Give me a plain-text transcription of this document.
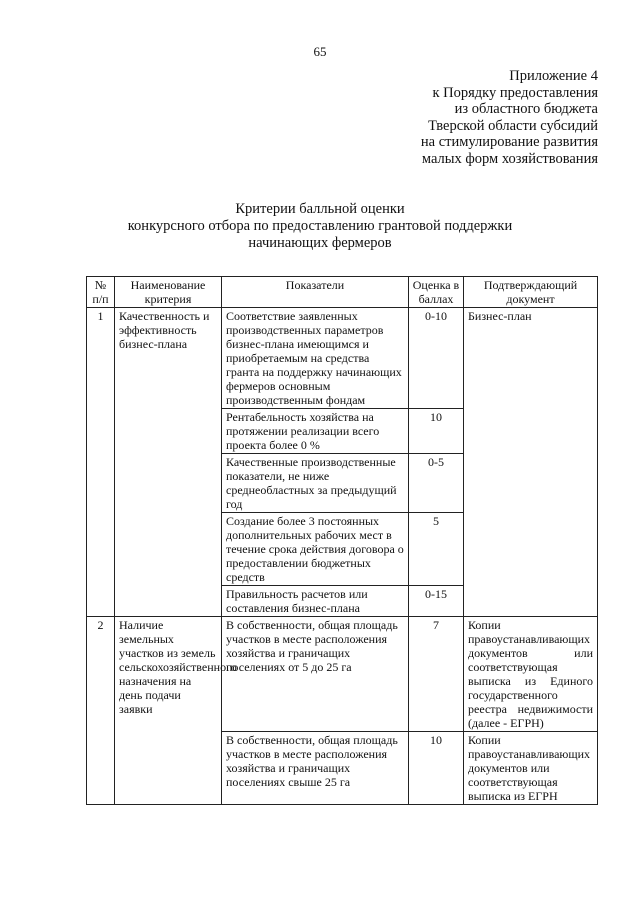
65
Приложение 4
к Порядку предоставления
из областного бюджета
Тверской области субсидий
на стимулирование развития
малых форм хозяйствования
Критерии балльной оценки
конкурсного отбора по предоставлению грантовой поддержки
начинающих фермеров
№ п/п	Наименование критерия	Показатели	Оценка в баллах	Подтверждающий документ
1	Качественность и эффективность бизнес-плана	Соответствие заявленных производственных параметров бизнес-плана имеющимся и приобретаемым на средства гранта на поддержку начинающих фермеров основным производственным фондам	0-10	Бизнес-план
		Рентабельность хозяйства на протяжении реализации всего проекта более 0 %	10	
		Качественные производственные показатели, не ниже среднеобластных за предыдущий год	0-5	
		Создание более 3 постоянных дополнительных рабочих мест в течение срока действия договора о предоставлении бюджетных средств	5	
		Правильность расчетов или составления бизнес-плана	0-15	
2	Наличие земельных участков из земель сельскохозяйственного назначения на день подачи заявки	В собственности, общая площадь участков в месте расположения хозяйства и граничащих поселениях от 5 до 25 га	7	Копии правоустанавливающих документов или соответствующая выписка из Единого государственного реестра недвижимости (далее - ЕГРН)
		В собственности, общая площадь участков в месте расположения хозяйства и граничащих поселениях свыше 25 га	10	Копии правоустанавливающих документов или соответствующая выписка из ЕГРН
